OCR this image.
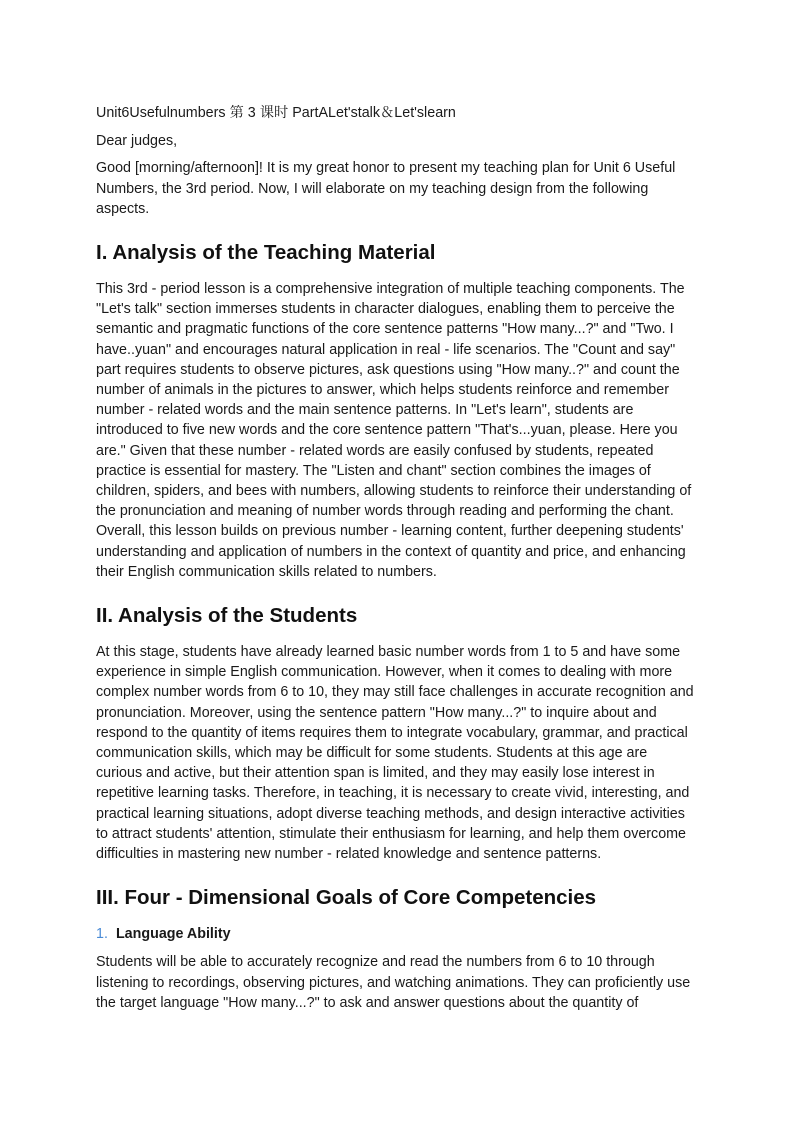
Unit6Usefulnumbers 第 3 课时 PartALet'stalk＆Let'slearn

Dear judges,

Good [morning/afternoon]! It is my great honor to present my teaching plan for Unit 6 Useful Numbers, the 3rd period. Now, I will elaborate on my teaching design from the following aspects.

I. Analysis of the Teaching Material

This 3rd - period lesson is a comprehensive integration of multiple teaching components. The "Let's talk" section immerses students in character dialogues, enabling them to perceive the semantic and pragmatic functions of the core sentence patterns "How many...?" and "Two. I have..yuan" and encourages natural application in real - life scenarios. The "Count and say" part requires students to observe pictures, ask questions using "How many..?" and count the number of animals in the pictures to answer, which helps students reinforce and remember number - related words and the main sentence patterns. In "Let's learn", students are introduced to five new words and the core sentence pattern "That's...yuan, please. Here you are." Given that these number - related words are easily confused by students, repeated practice is essential for mastery. The "Listen and chant" section combines the images of children, spiders, and bees with numbers, allowing students to reinforce their understanding of the pronunciation and meaning of number words through reading and performing the chant. Overall, this lesson builds on previous number - learning content, further deepening students' understanding and application of numbers in the context of quantity and price, and enhancing their English communication skills related to numbers.

II. Analysis of the Students

At this stage, students have already learned basic number words from 1 to 5 and have some experience in simple English communication. However, when it comes to dealing with more complex number words from 6 to 10, they may still face challenges in accurate recognition and pronunciation. Moreover, using the sentence pattern "How many...?" to inquire about and respond to the quantity of items requires them to integrate vocabulary, grammar, and practical communication skills, which may be difficult for some students. Students at this age are curious and active, but their attention span is limited, and they may easily lose interest in repetitive learning tasks. Therefore, in teaching, it is necessary to create vivid, interesting, and practical learning situations, adopt diverse teaching methods, and design interactive activities to attract students' attention, stimulate their enthusiasm for learning, and help them overcome difficulties in mastering new number - related knowledge and sentence patterns.

III. Four - Dimensional Goals of Core Competencies
1. Language Ability

Students will be able to accurately recognize and read the numbers from 6 to 10 through listening to recordings, observing pictures, and watching animations. They can proficiently use the target language "How many...?" to ask and answer questions about the quantity of
